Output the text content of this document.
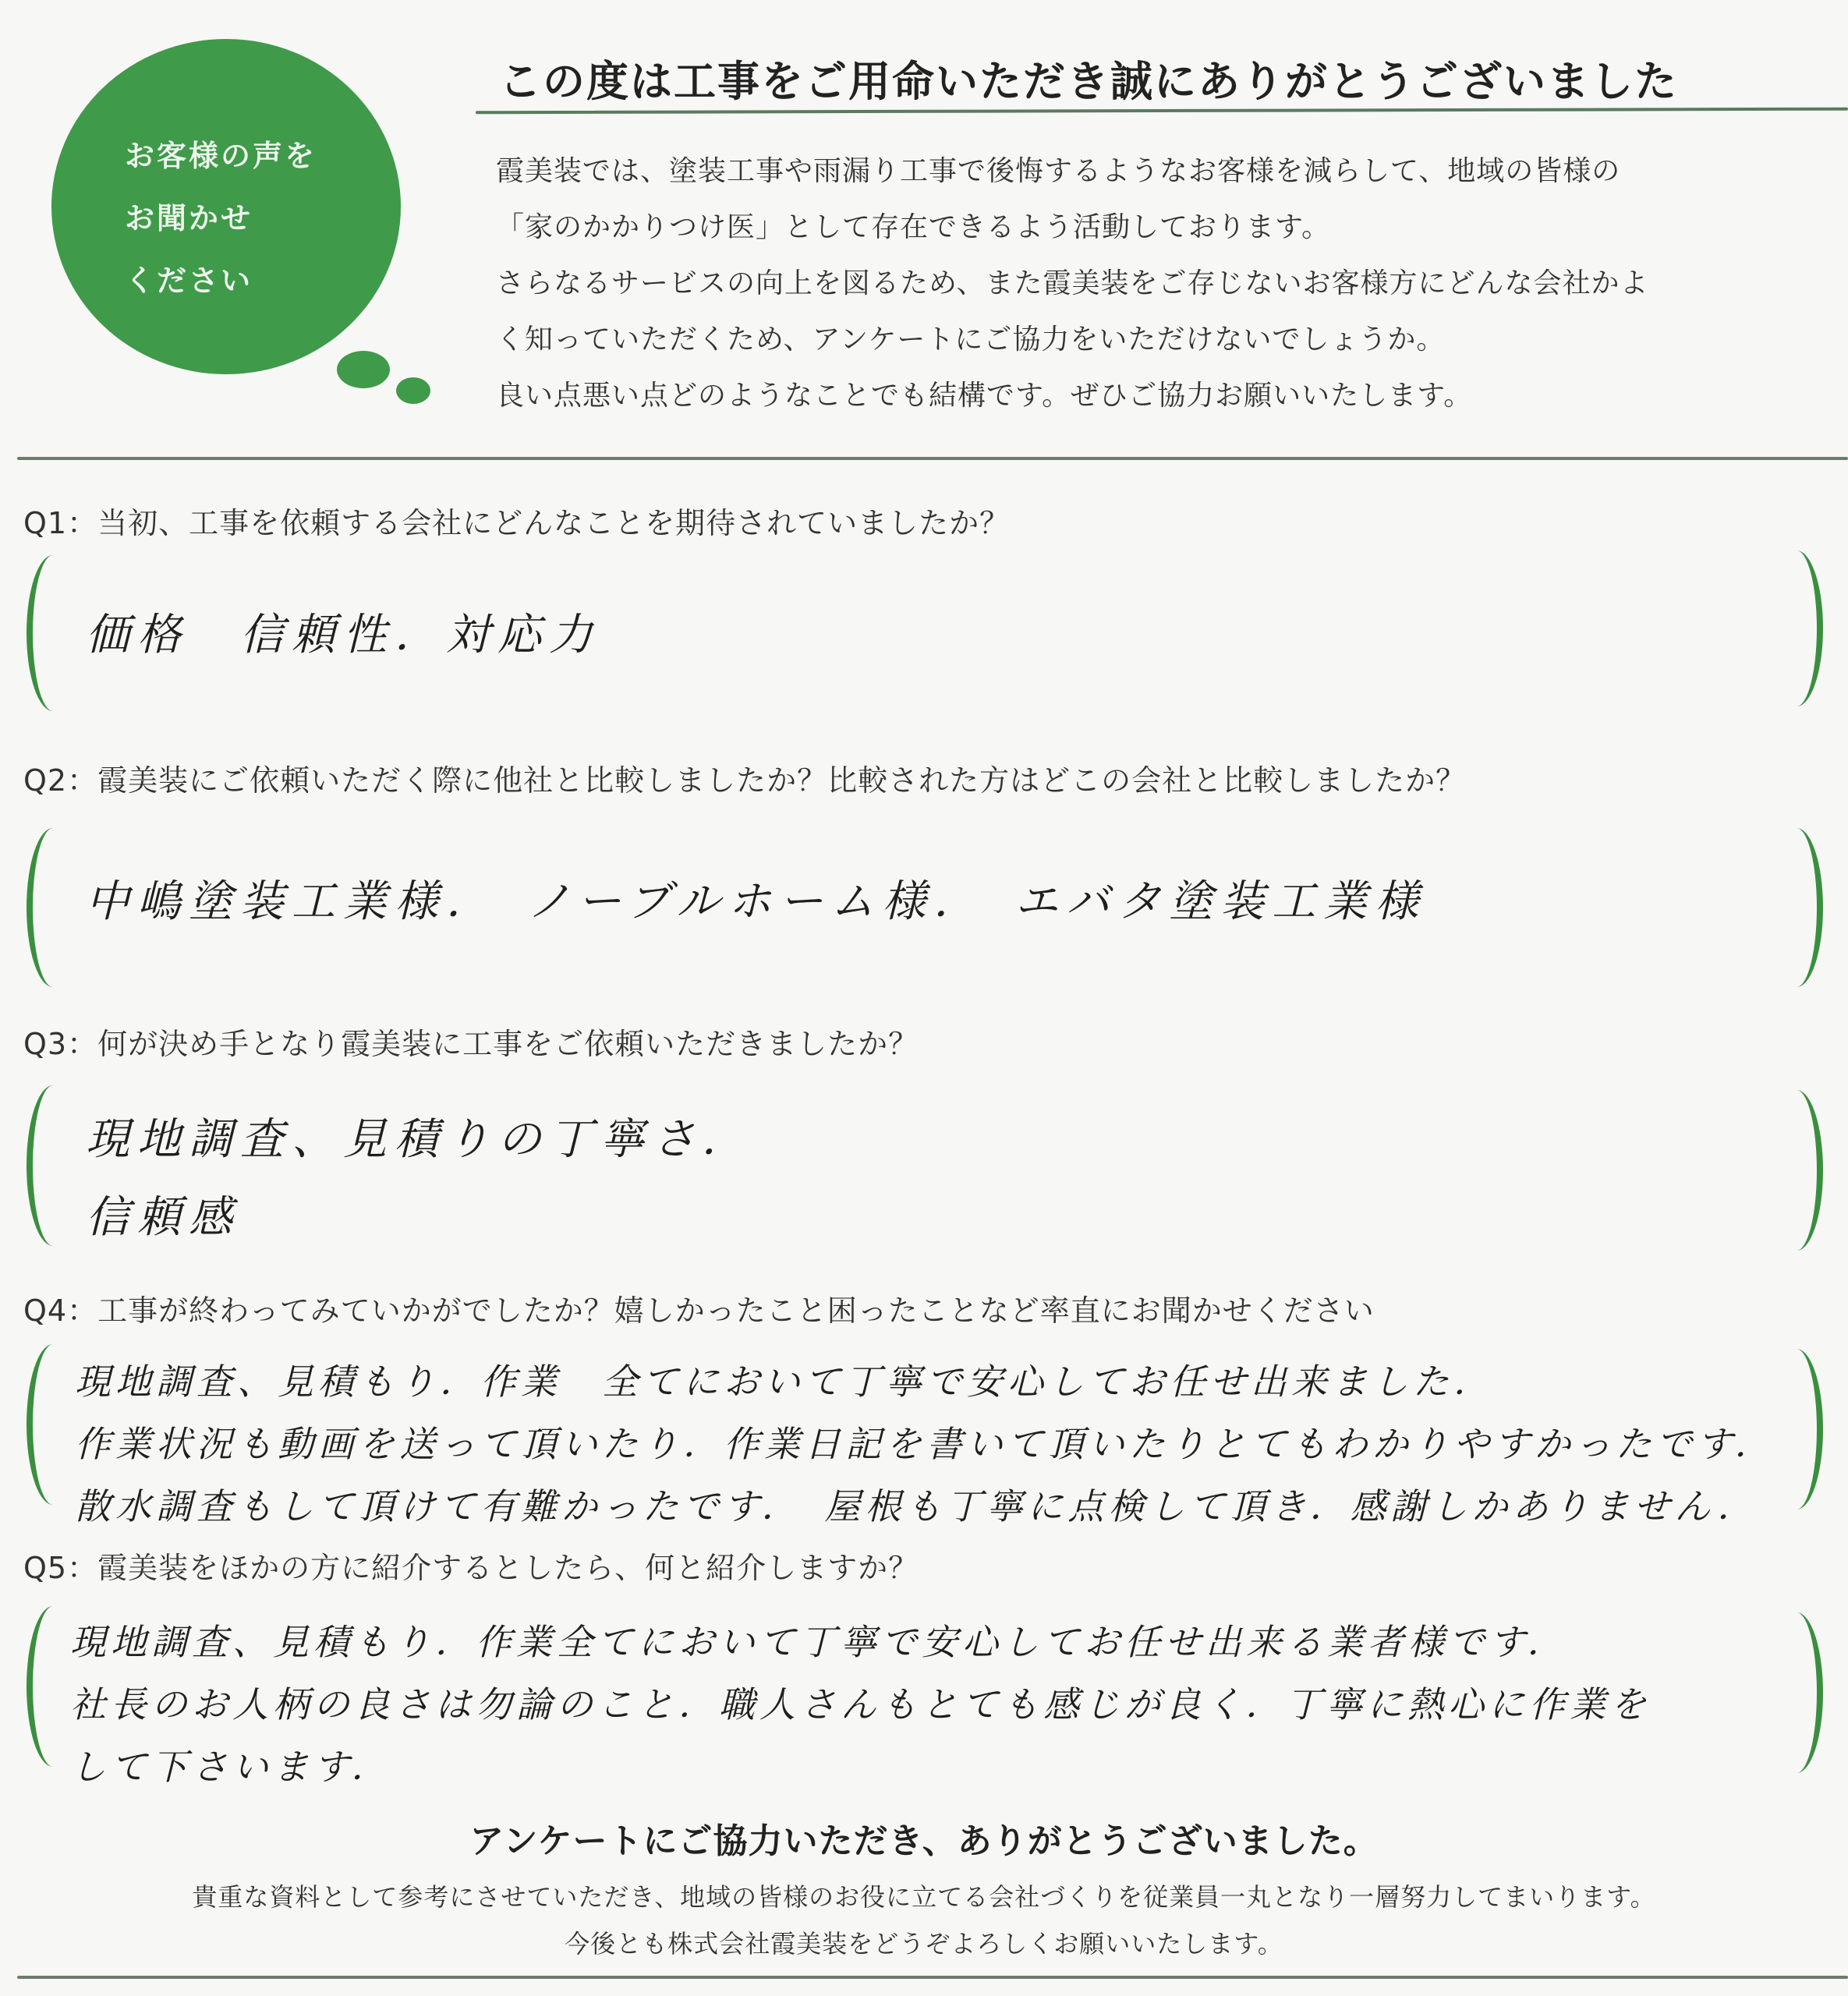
お客様の声を
お聞かせ
ください
この度は工事をご用命いただき誠にありがとうございました

霞美装では、塗装工事や雨漏り工事で後悔するようなお客様を減らして、地域の皆様の

「家のかかりつけ医」として存在できるよう活動しております。

さらなるサービスの向上を図るため、また霞美装をご存じないお客様方にどんな会社かよ

く知っていただくため、アンケートにご協力をいただけないでしょうか。

良い点悪い点どのようなことでも結構です。ぜひご協力お願いいたします。

Q1：当初、工事を依頼する会社にどんなことを期待されていましたか？

価格　信頼性．対応力

Q2：霞美装にご依頼いただく際に他社と比較しましたか？比較された方はどこの会社と比較しましたか？

中嶋塗装工業様．　ノーブルホーム様．　エバタ塗装工業様

Q3：何が決め手となり霞美装に工事をご依頼いただきましたか？

現地調査、見積りの丁寧さ．

信頼感

Q4：工事が終わってみていかがでしたか？嬉しかったこと困ったことなど率直にお聞かせください

現地調査、見積もり．作業　全てにおいて丁寧で安心してお任せ出来ました．

作業状況も動画を送って頂いたり．作業日記を書いて頂いたりとてもわかりやすかったです．

散水調査もして頂けて有難かったです．　屋根も丁寧に点検して頂き．感謝しかありません．

Q5：霞美装をほかの方に紹介するとしたら、何と紹介しますか？

現地調査、見積もり．作業全てにおいて丁寧で安心してお任せ出来る業者様です．

社長のお人柄の良さは勿論のこと．職人さんもとても感じが良く．丁寧に熱心に作業を

して下さいます．

アンケートにご協力いただき、ありがとうございました。
貴重な資料として参考にさせていただき、地域の皆様のお役に立てる会社づくりを従業員一丸となり一層努力してまいります。
今後とも株式会社霞美装をどうぞよろしくお願いいたします。
